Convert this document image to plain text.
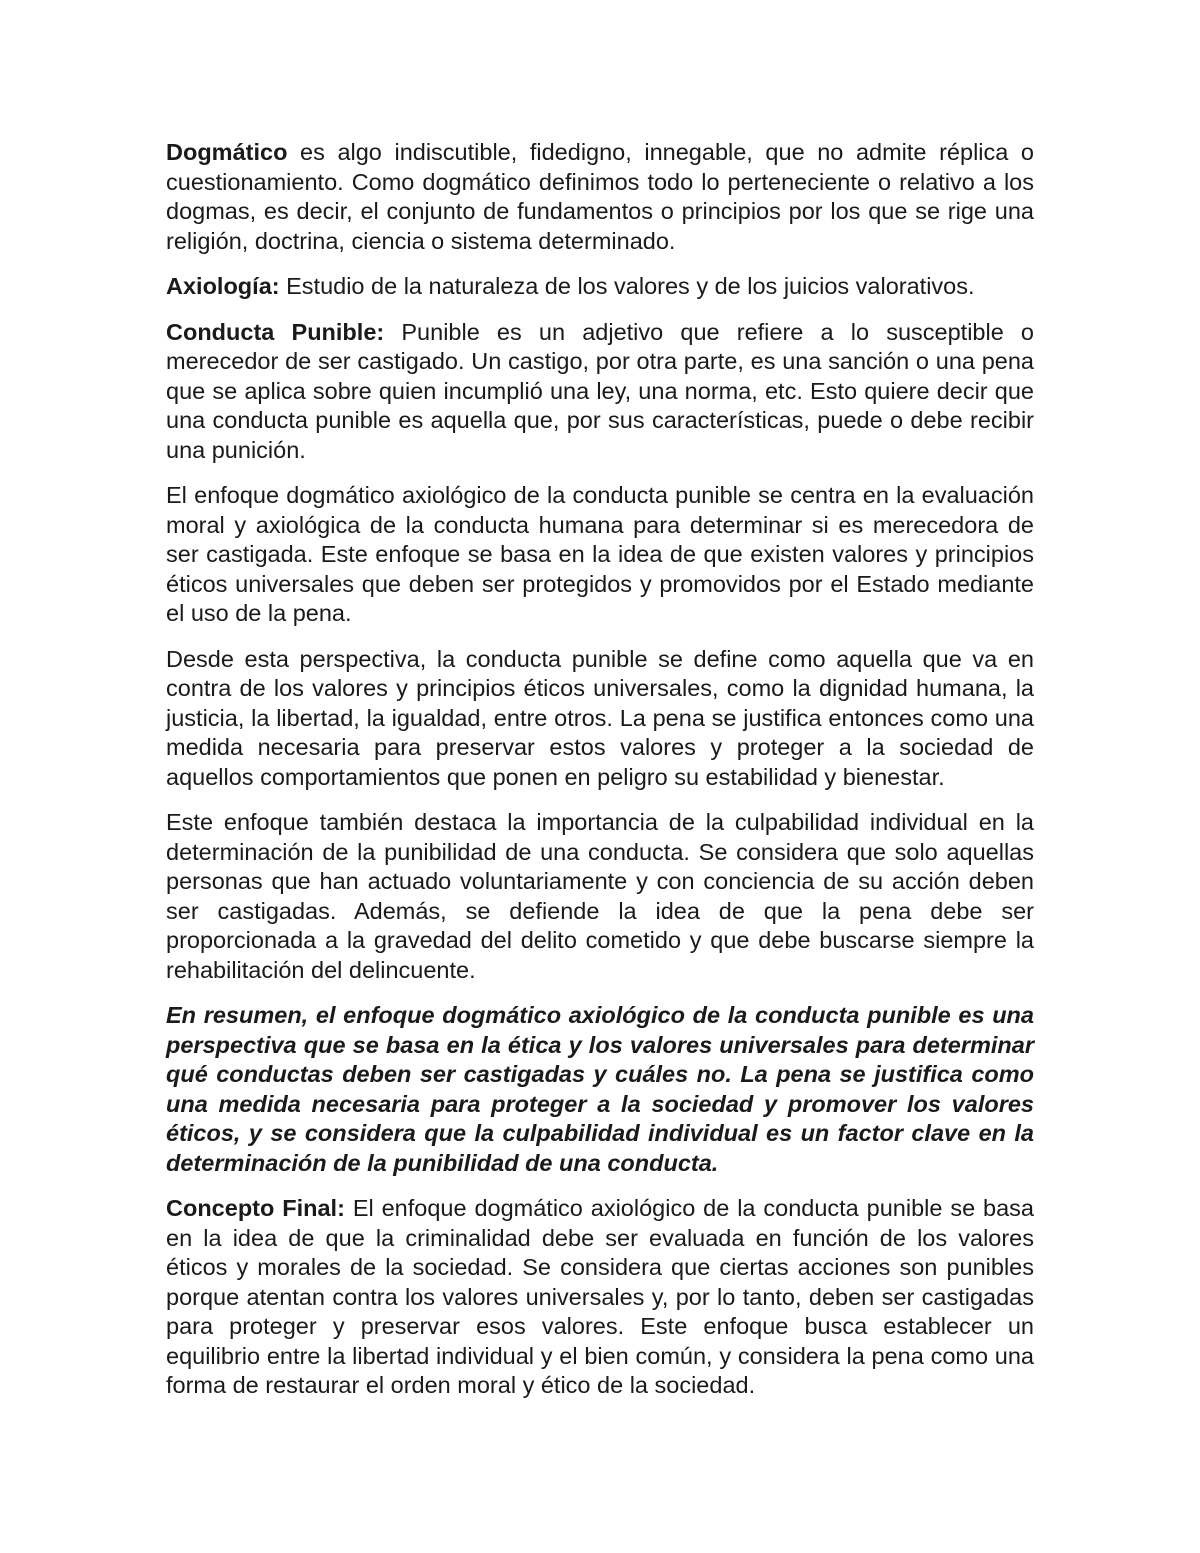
Dogmático es algo indiscutible, fidedigno, innegable, que no admite réplica o cuestionamiento. Como dogmático definimos todo lo perteneciente o relativo a los dogmas, es decir, el conjunto de fundamentos o principios por los que se rige una religión, doctrina, ciencia o sistema determinado.

Axiología: Estudio de la naturaleza de los valores y de los juicios valorativos.

Conducta Punible: Punible es un adjetivo que refiere a lo susceptible o merecedor de ser castigado. Un castigo, por otra parte, es una sanción o una pena que se aplica sobre quien incumplió una ley, una norma, etc. Esto quiere decir que una conducta punible es aquella que, por sus características, puede o debe recibir una punición.

El enfoque dogmático axiológico de la conducta punible se centra en la evaluación moral y axiológica de la conducta humana para determinar si es merecedora de ser castigada. Este enfoque se basa en la idea de que existen valores y principios éticos universales que deben ser protegidos y promovidos por el Estado mediante el uso de la pena.

Desde esta perspectiva, la conducta punible se define como aquella que va en contra de los valores y principios éticos universales, como la dignidad humana, la justicia, la libertad, la igualdad, entre otros. La pena se justifica entonces como una medida necesaria para preservar estos valores y proteger a la sociedad de aquellos comportamientos que ponen en peligro su estabilidad y bienestar.

Este enfoque también destaca la importancia de la culpabilidad individual en la determinación de la punibilidad de una conducta. Se considera que solo aquellas personas que han actuado voluntariamente y con conciencia de su acción deben ser castigadas. Además, se defiende la idea de que la pena debe ser proporcionada a la gravedad del delito cometido y que debe buscarse siempre la rehabilitación del delincuente.

En resumen, el enfoque dogmático axiológico de la conducta punible es una perspectiva que se basa en la ética y los valores universales para determinar qué conductas deben ser castigadas y cuáles no. La pena se justifica como una medida necesaria para proteger a la sociedad y promover los valores éticos, y se considera que la culpabilidad individual es un factor clave en la determinación de la punibilidad de una conducta.

Concepto Final: El enfoque dogmático axiológico de la conducta punible se basa en la idea de que la criminalidad debe ser evaluada en función de los valores éticos y morales de la sociedad. Se considera que ciertas acciones son punibles porque atentan contra los valores universales y, por lo tanto, deben ser castigadas para proteger y preservar esos valores. Este enfoque busca establecer un equilibrio entre la libertad individual y el bien común, y considera la pena como una forma de restaurar el orden moral y ético de la sociedad.
